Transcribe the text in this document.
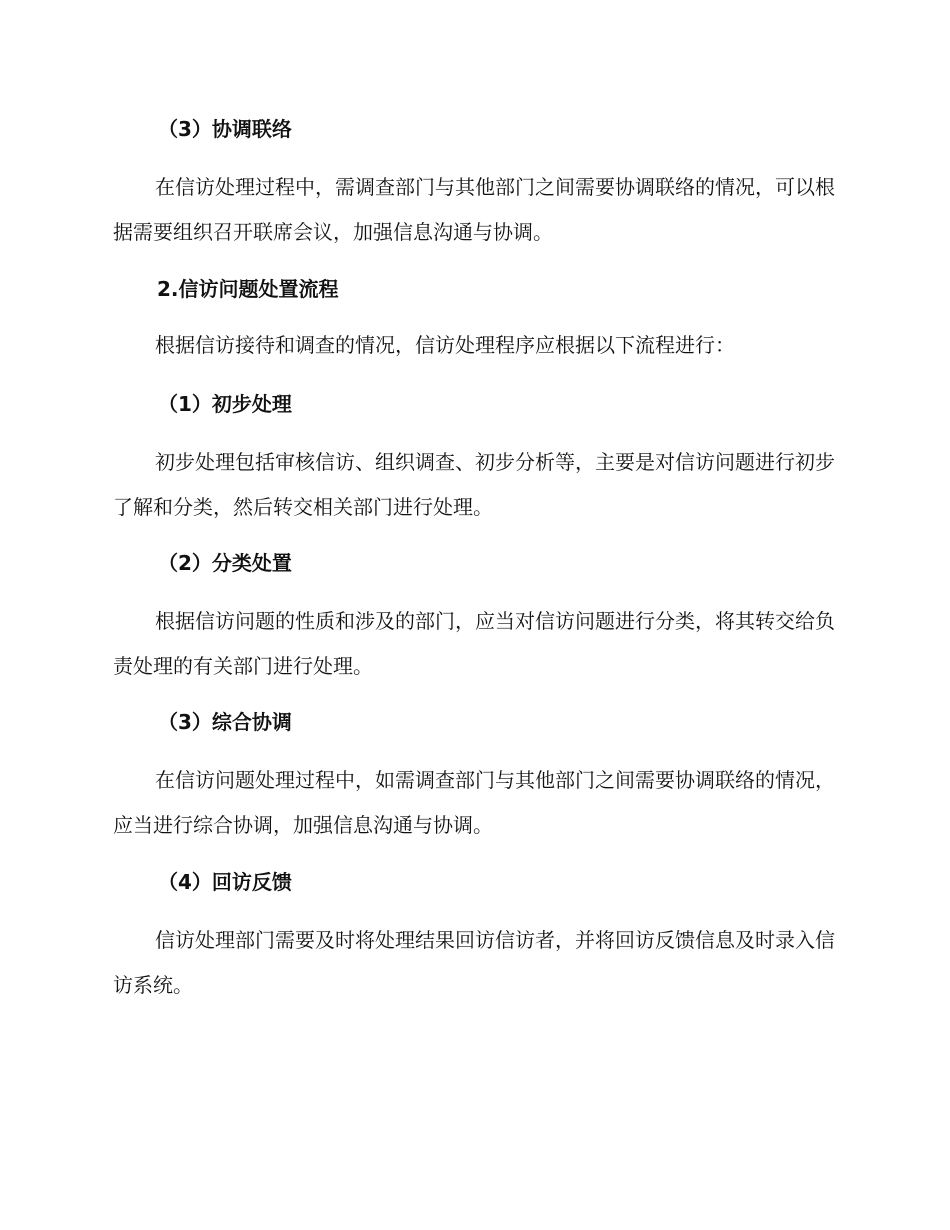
（3）协调联络

在信访处理过程中，需调查部门与其他部门之间需要协调联络的情况，可以根据需要组织召开联席会议，加强信息沟通与协调。

2.信访问题处置流程

根据信访接待和调查的情况，信访处理程序应根据以下流程进行：

（1）初步处理

初步处理包括审核信访、组织调查、初步分析等，主要是对信访问题进行初步了解和分类，然后转交相关部门进行处理。

（2）分类处置

根据信访问题的性质和涉及的部门，应当对信访问题进行分类，将其转交给负责处理的有关部门进行处理。

（3）综合协调

在信访问题处理过程中，如需调查部门与其他部门之间需要协调联络的情况，应当进行综合协调，加强信息沟通与协调。

（4）回访反馈

信访处理部门需要及时将处理结果回访信访者，并将回访反馈信息及时录入信访系统。
